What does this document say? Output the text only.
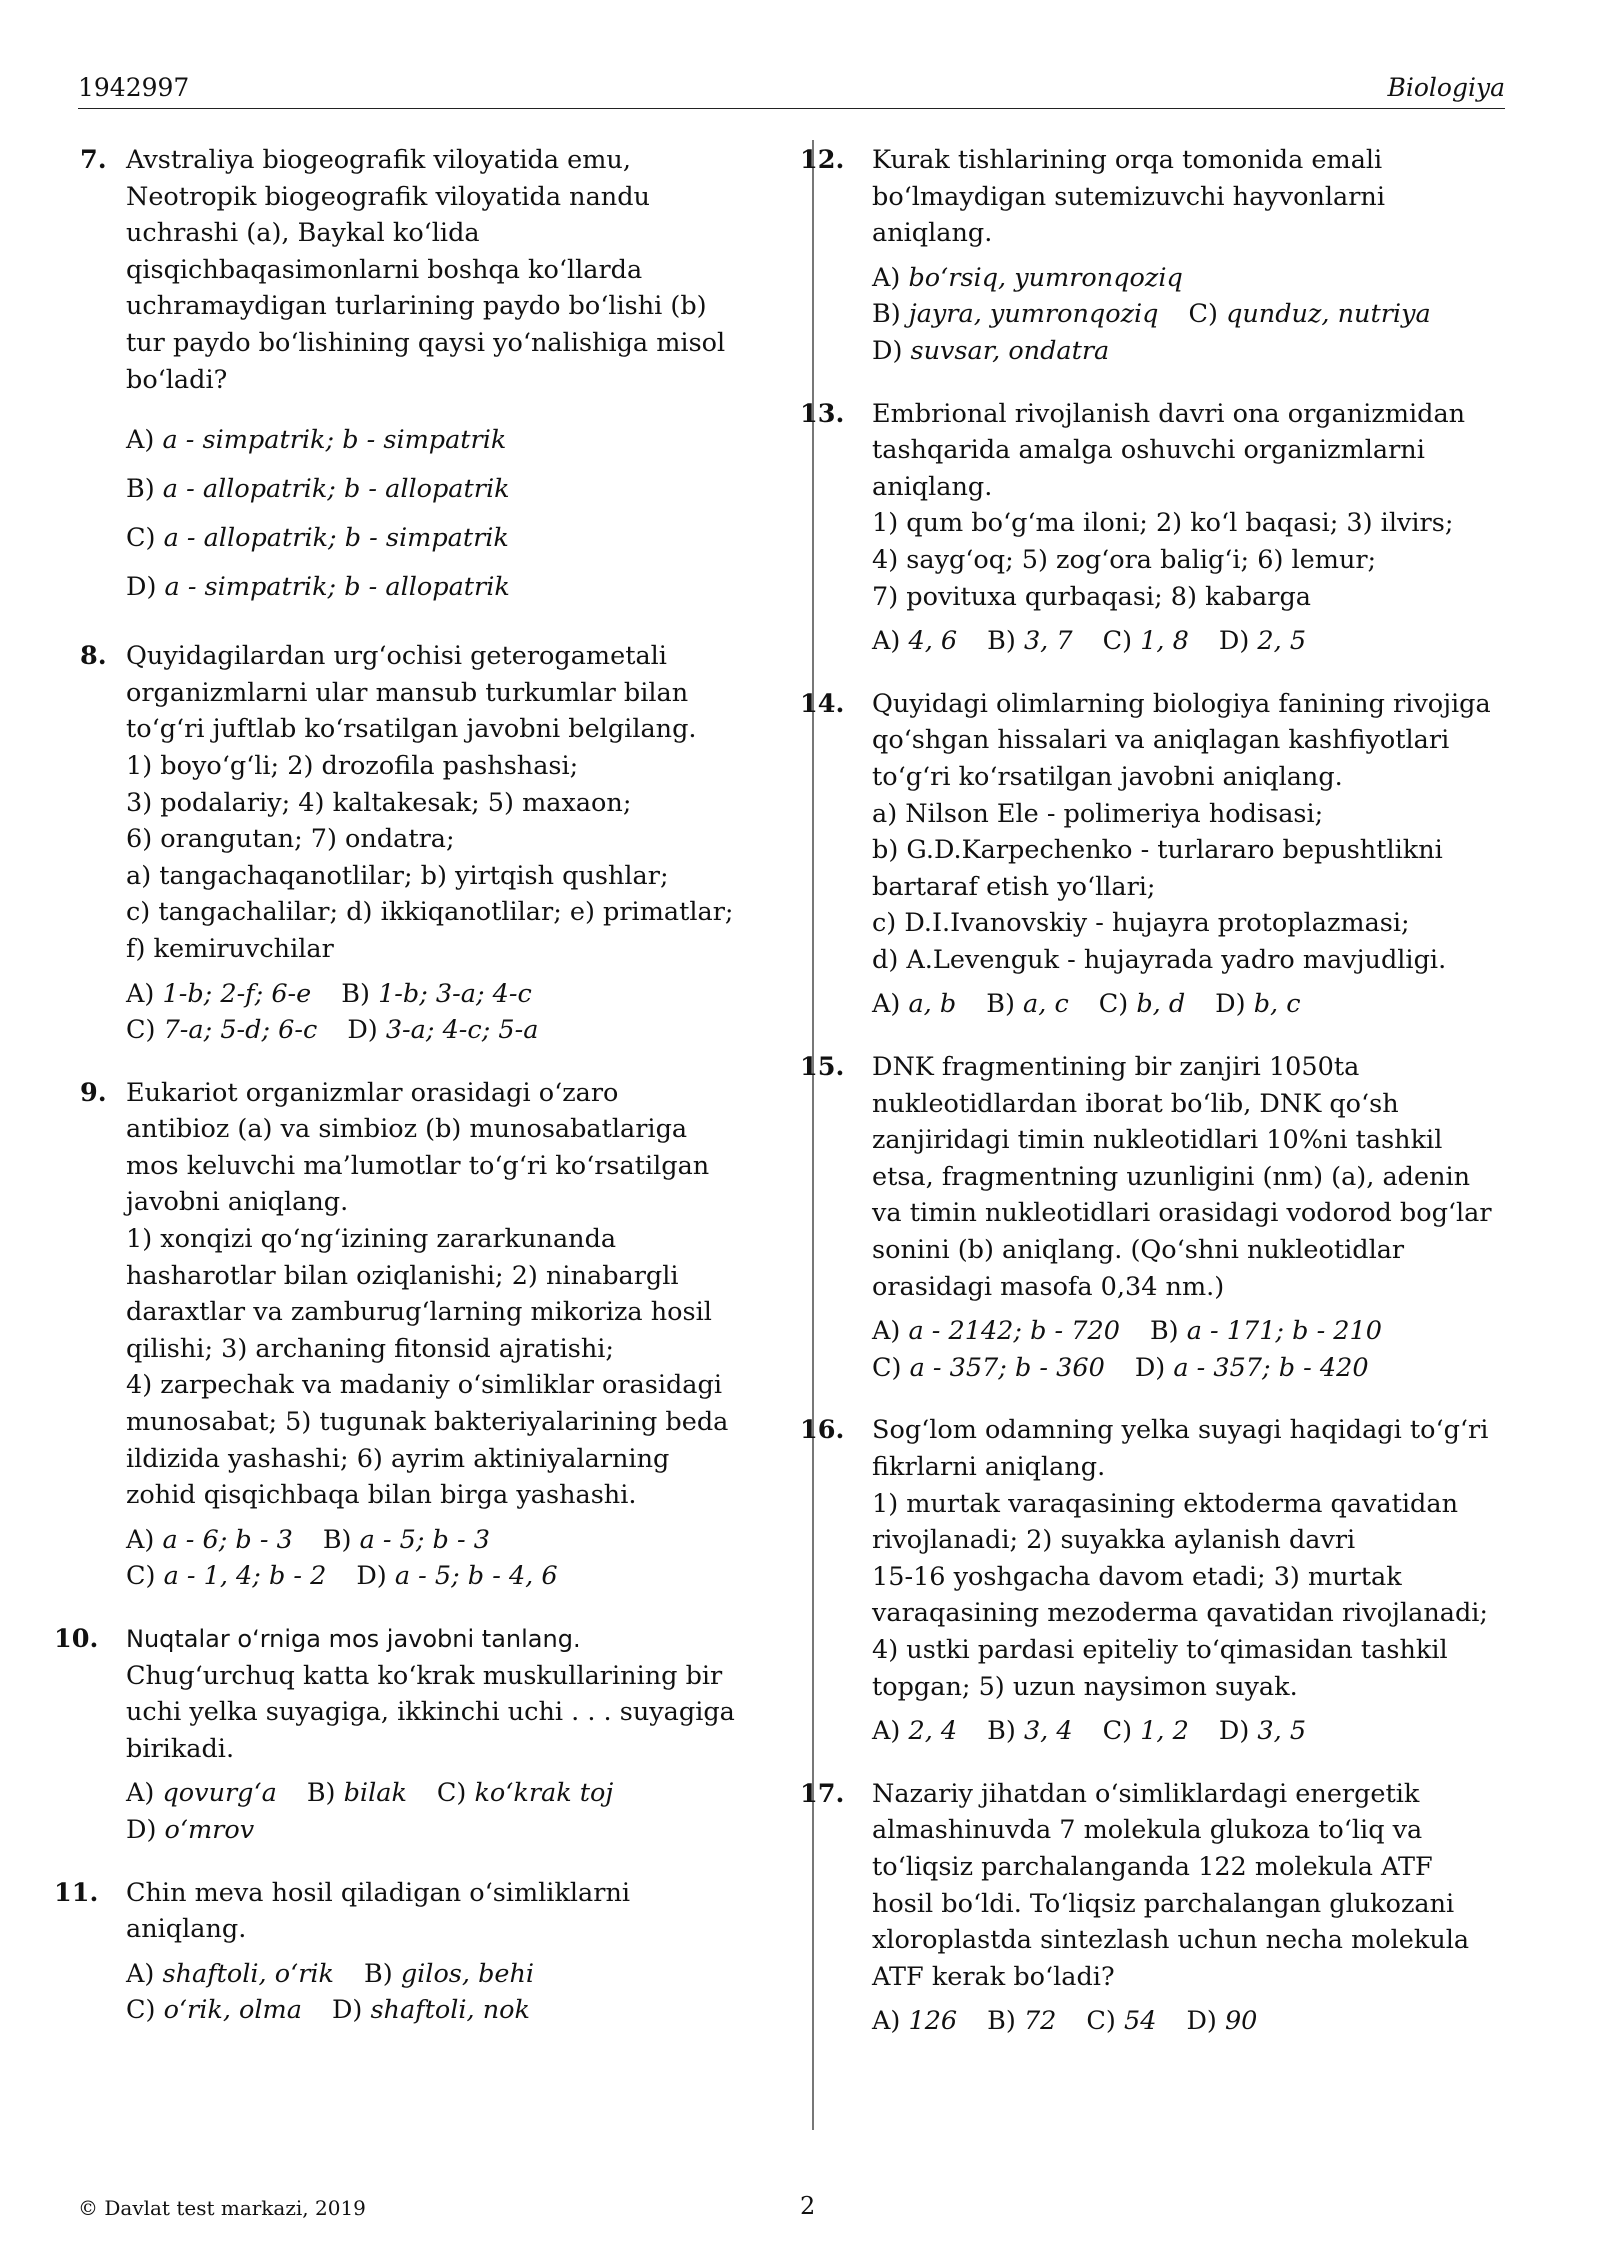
1942997	Biologiya
7. Avstraliya biogeografik viloyatida emu,
Neotropik biogeografik viloyatida nandu
uchrashi (a), Baykal ko‘lida
qisqichbaqasimonlarni boshqa ko‘llarda
uchramaydigan turlarining paydo bo‘lishi (b)
tur paydo bo‘lishining qaysi yo‘nalishiga misol
bo‘ladi?
A) a - simpatrik; b - simpatrik
B) a - allopatrik; b - allopatrik
C) a - allopatrik; b - simpatrik
D) a - simpatrik; b - allopatrik
8. Quyidagilardan urg‘ochisi geterogametali
organizmlarni ular mansub turkumlar bilan
to‘g‘ri juftlab ko‘rsatilgan javobni belgilang.
1) boyo‘g‘li; 2) drozofila pashshasi;
3) podalariy; 4) kaltakesak; 5) maxaon;
6) orangutan; 7) ondatra;
a) tangachaqanotlilar; b) yirtqish qushlar;
c) tangachalilar; d) ikkiqanotlilar; e) primatlar;
f) kemiruvchilar
A) 1-b; 2-f; 6-e B) 1-b; 3-a; 4-c
C) 7-a; 5-d; 6-c D) 3-a; 4-c; 5-a
9. Eukariot organizmlar orasidagi o‘zaro
antibioz (a) va simbioz (b) munosabatlariga
mos keluvchi ma’lumotlar to‘g‘ri ko‘rsatilgan
javobni aniqlang.
1) xonqizi qo‘ng‘izining zararkunanda
hasharotlar bilan oziqlanishi; 2) ninabargli
daraxtlar va zamburug‘larning mikoriza hosil
qilishi; 3) archaning fitonsid ajratishi;
4) zarpechak va madaniy o‘simliklar orasidagi
munosabat; 5) tugunak bakteriyalarining beda
ildizida yashashi; 6) ayrim aktiniyalarning
zohid qisqichbaqa bilan birga yashashi.
A) a - 6; b - 3 B) a - 5; b - 3
C) a - 1, 4; b - 2 D) a - 5; b - 4, 6
10. Nuqtalar o‘rniga mos javobni tanlang.
Chug‘urchuq katta ko‘krak muskullarining bir
uchi yelka suyagiga, ikkinchi uchi . . . suyagiga
birikadi.
A) qovurg‘a B) bilak C) ko‘krak toj
D) o‘mrov
11. Chin meva hosil qiladigan o‘simliklarni
aniqlang.
A) shaftoli, o‘rik B) gilos, behi
C) o‘rik, olma D) shaftoli, nok
12. Kurak tishlarining orqa tomonida emali
bo‘lmaydigan sutemizuvchi hayvonlarni
aniqlang.
A) bo‘rsiq, yumronqoziq
B) jayra, yumronqoziq C) qunduz, nutriya
D) suvsar, ondatra
13. Embrional rivojlanish davri ona organizmidan
tashqarida amalga oshuvchi organizmlarni
aniqlang.
1) qum bo‘g‘ma iloni; 2) ko‘l baqasi; 3) ilvirs;
4) sayg‘oq; 5) zog‘ora balig‘i; 6) lemur;
7) povituxa qurbaqasi; 8) kabarga
A) 4, 6 B) 3, 7 C) 1, 8 D) 2, 5
14. Quyidagi olimlarning biologiya fanining rivojiga
qo‘shgan hissalari va aniqlagan kashfiyotlari
to‘g‘ri ko‘rsatilgan javobni aniqlang.
a) Nilson Ele - polimeriya hodisasi;
b) G.D.Karpechenko - turlararo bepushtlikni
bartaraf etish yo‘llari;
c) D.I.Ivanovskiy - hujayra protoplazmasi;
d) A.Levenguk - hujayrada yadro mavjudligi.
A) a, b B) a, c C) b, d D) b, c
15. DNK fragmentining bir zanjiri 1050ta
nukleotidlardan iborat bo‘lib, DNK qo‘sh
zanjiridagi timin nukleotidlari 10%ni tashkil
etsa, fragmentning uzunligini (nm) (a), adenin
va timin nukleotidlari orasidagi vodorod bog‘lar
sonini (b) aniqlang. (Qo‘shni nukleotidlar
orasidagi masofa 0,34 nm.)
A) a - 2142; b - 720 B) a - 171; b - 210
C) a - 357; b - 360 D) a - 357; b - 420
16. Sog‘lom odamning yelka suyagi haqidagi to‘g‘ri
fikrlarni aniqlang.
1) murtak varaqasining ektoderma qavatidan
rivojlanadi; 2) suyakka aylanish davri
15-16 yoshgacha davom etadi; 3) murtak
varaqasining mezoderma qavatidan rivojlanadi;
4) ustki pardasi epiteliy to‘qimasidan tashkil
topgan; 5) uzun naysimon suyak.
A) 2, 4 B) 3, 4 C) 1, 2 D) 3, 5
17. Nazariy jihatdan o‘simliklardagi energetik
almashinuvda 7 molekula glukoza to‘liq va
to‘liqsiz parchalanganda 122 molekula ATF
hosil bo‘ldi. To‘liqsiz parchalangan glukozani
xloroplastda sintezlash uchun necha molekula
ATF kerak bo‘ladi?
A) 126 B) 72 C) 54 D) 90
© Davlat test markazi, 2019	2
